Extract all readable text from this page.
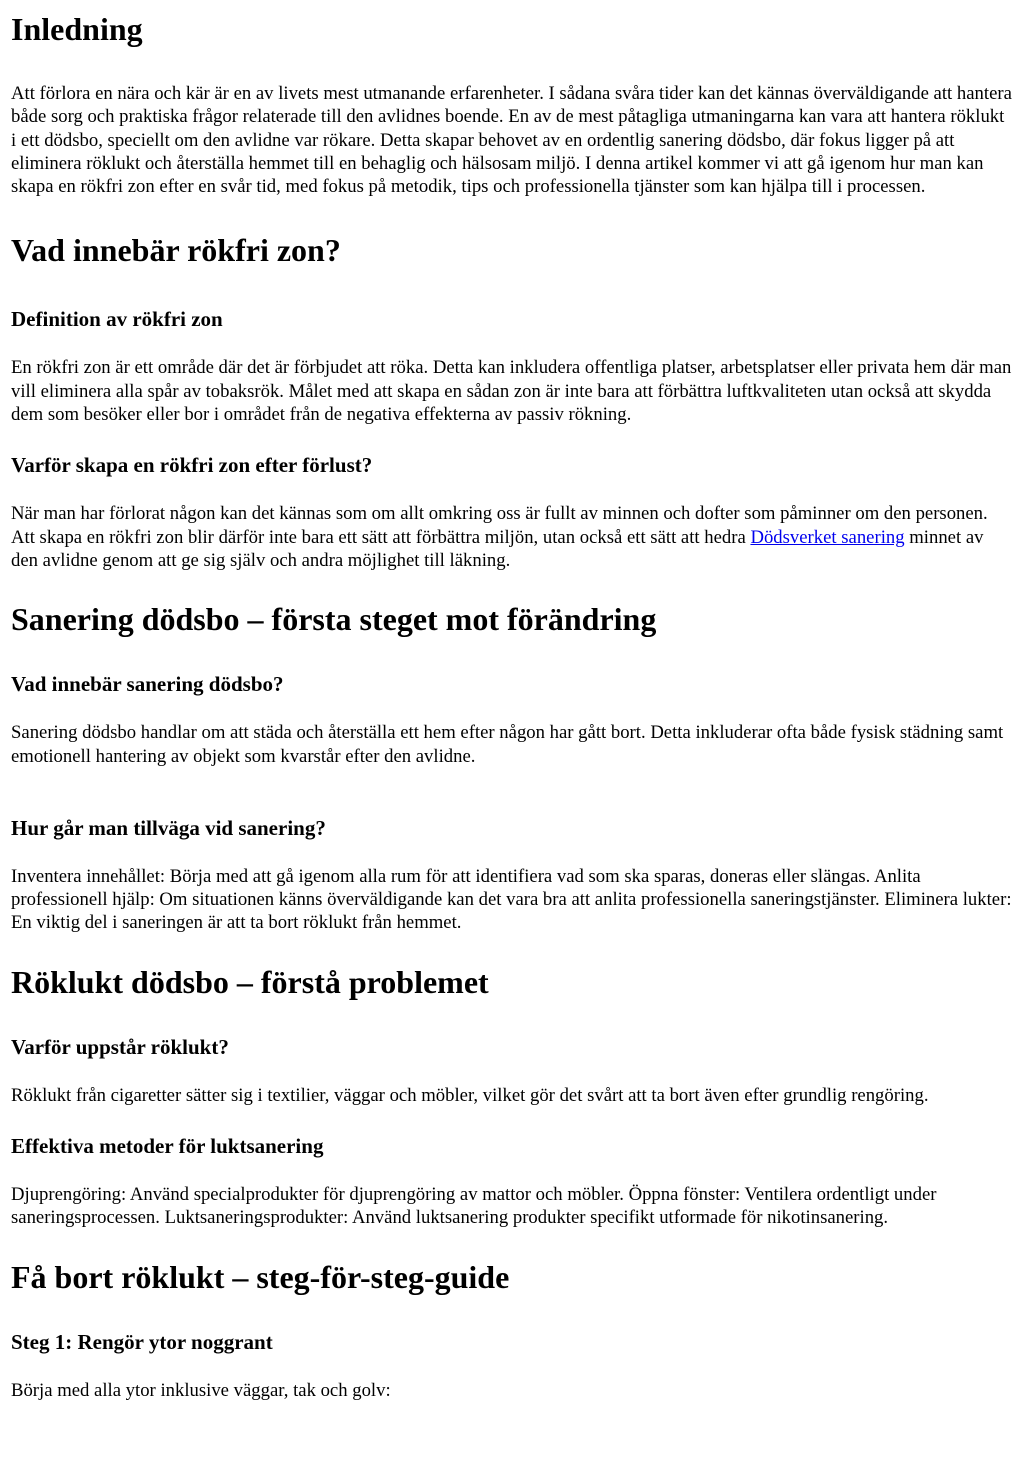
Inledning

Att förlora en nära och kär är en av livets mest utmanande erfarenheter. I sådana svåra tider kan det kännas överväldigande att hantera både sorg och praktiska frågor relaterade till den avlidnes boende. En av de mest påtagliga utmaningarna kan vara att hantera röklukt i ett dödsbo, speciellt om den avlidne var rökare. Detta skapar behovet av en ordentlig sanering dödsbo, där fokus ligger på att eliminera röklukt och återställa hemmet till en behaglig och hälsosam miljö. I denna artikel kommer vi att gå igenom hur man kan skapa en rökfri zon efter en svår tid, med fokus på metodik, tips och professionella tjänster som kan hjälpa till i processen.

Vad innebär rökfri zon?
Definition av rökfri zon

En rökfri zon är ett område där det är förbjudet att röka. Detta kan inkludera offentliga platser, arbetsplatser eller privata hem där man vill eliminera alla spår av tobaksrök. Målet med att skapa en sådan zon är inte bara att förbättra luftkvaliteten utan också att skydda dem som besöker eller bor i området från de negativa effekterna av passiv rökning.

Varför skapa en rökfri zon efter förlust?

När man har förlorat någon kan det kännas som om allt omkring oss är fullt av minnen och dofter som påminner om den personen. Att skapa en rökfri zon blir därför inte bara ett sätt att förbättra miljön, utan också ett sätt att hedra Dödsverket sanering minnet av den avlidne genom att ge sig själv och andra möjlighet till läkning.

Sanering dödsbo – första steget mot förändring
Vad innebär sanering dödsbo?

Sanering dödsbo handlar om att städa och återställa ett hem efter någon har gått bort. Detta inkluderar ofta både fysisk städning samt emotionell hantering av objekt som kvarstår efter den avlidne.

Hur går man tillväga vid sanering?

Inventera innehållet: Börja med att gå igenom alla rum för att identifiera vad som ska sparas, doneras eller slängas. Anlita professionell hjälp: Om situationen känns överväldigande kan det vara bra att anlita professionella saneringstjänster. Eliminera lukter: En viktig del i saneringen är att ta bort röklukt från hemmet.

Röklukt dödsbo – förstå problemet
Varför uppstår röklukt?

Röklukt från cigaretter sätter sig i textilier, väggar och möbler, vilket gör det svårt att ta bort även efter grundlig rengöring.

Effektiva metoder för luktsanering

Djuprengöring: Använd specialprodukter för djuprengöring av mattor och möbler. Öppna fönster: Ventilera ordentligt under saneringsprocessen. Luktsaneringsprodukter: Använd luktsanering produkter specifikt utformade för nikotinsanering.

Få bort röklukt – steg-för-steg-guide
Steg 1: Rengör ytor noggrant

Börja med alla ytor inklusive väggar, tak och golv:
